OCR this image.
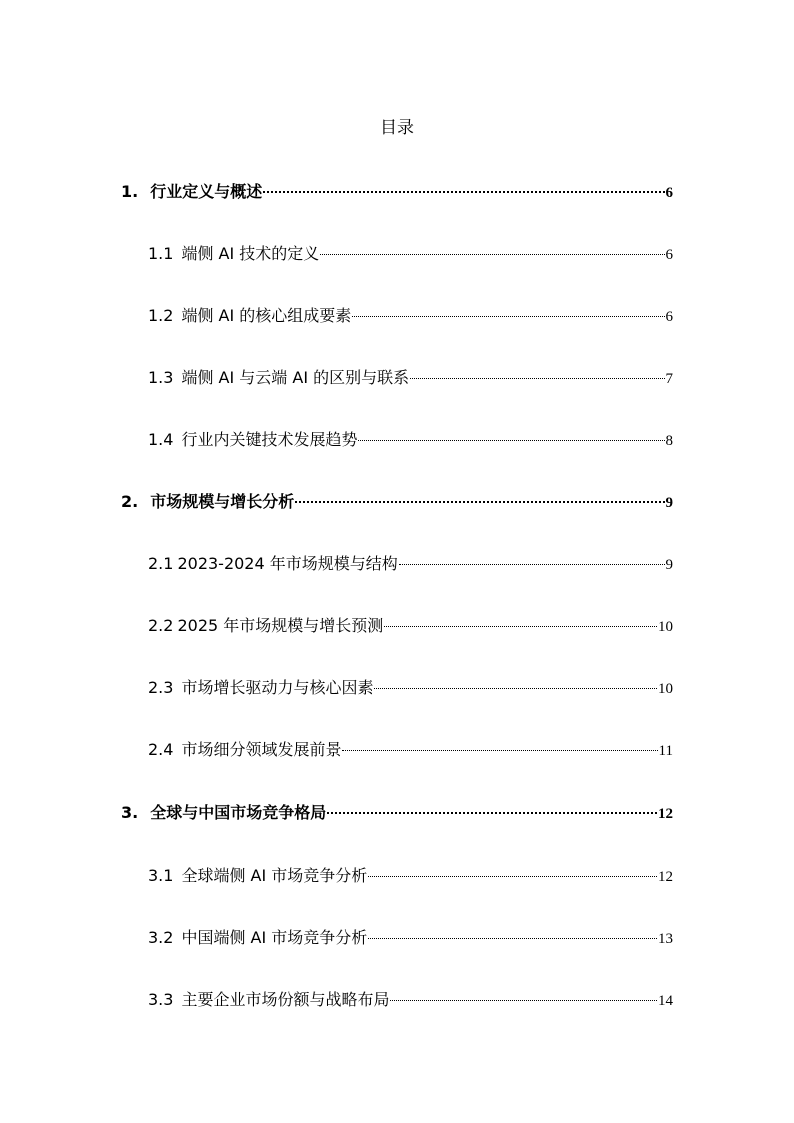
目录
1. 行业定义与概述	6
1.1 端侧 AI 技术的定义	6
1.2 端侧 AI 的核心组成要素	6
1.3 端侧 AI 与云端 AI 的区别与联系	7
1.4 行业内关键技术发展趋势	8
2. 市场规模与增长分析	9
2.1 2023-2024 年市场规模与结构	9
2.2 2025 年市场规模与增长预测	10
2.3 市场增长驱动力与核心因素	10
2.4 市场细分领域发展前景	11
3. 全球与中国市场竞争格局	12
3.1 全球端侧 AI 市场竞争分析	12
3.2 中国端侧 AI 市场竞争分析	13
3.3 主要企业市场份额与战略布局	14
